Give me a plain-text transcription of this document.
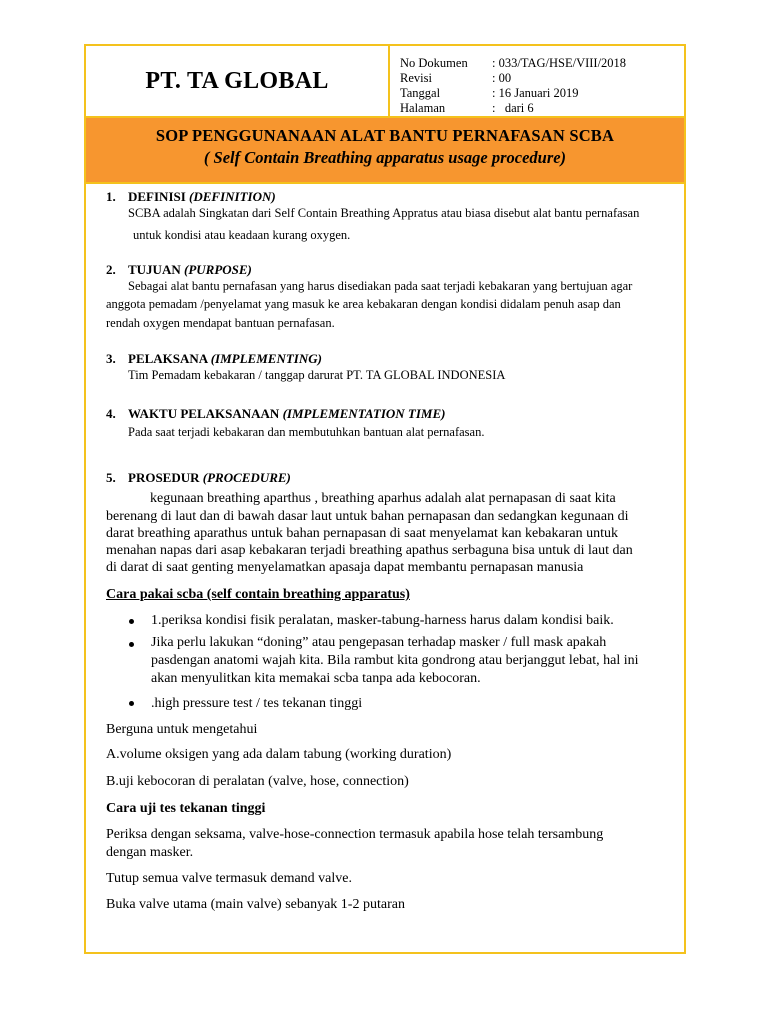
PT. TA GLOBAL
No Dokumen	: 033/TAG/HSE/VIII/2018
Revisi	: 00
Tanggal	: 16 Januari 2019
Halaman	:   dari 6
SOP PENGGUNANAAN ALAT BANTU PERNAFASAN SCBA
( Self Contain Breathing apparatus usage procedure)
1. DEFINISI (DEFINITION)
SCBA adalah Singkatan dari Self Contain Breathing Appratus atau biasa disebut alat bantu pernafasan
untuk kondisi atau keadaan kurang oxygen.
2. TUJUAN (PURPOSE)
Sebagai alat bantu pernafasan yang harus disediakan pada saat terjadi kebakaran yang bertujuan agar
anggota pemadam /penyelamat yang masuk ke area kebakaran dengan kondisi didalam penuh asap dan
rendah oxygen mendapat bantuan pernafasan.
3. PELAKSANA (IMPLEMENTING)
Tim Pemadam kebakaran / tanggap darurat PT. TA GLOBAL INDONESIA
4. WAKTU PELAKSANAAN (IMPLEMENTATION TIME)
Pada saat terjadi kebakaran dan membutuhkan bantuan alat pernafasan.
5. PROSEDUR (PROCEDURE)
kegunaan breathing aparthus , breathing aparhus adalah alat pernapasan di saat kita
berenang di laut dan di bawah dasar laut untuk bahan pernapasan dan sedangkan kegunaan di
darat breathing aparathus untuk bahan pernapasan di saat menyelamat kan kebakaran untuk
menahan napas dari asap kebakaran terjadi breathing apathus serbaguna bisa untuk di laut dan
di darat di saat genting menyelamatkan apasaja dapat membantu pernapasan manusia
Cara pakai scba (self contain breathing apparatus)
1.periksa kondisi fisik peralatan, masker-tabung-harness harus dalam kondisi baik.
Jika perlu lakukan “doning” atau pengepasan terhadap masker / full mask apakah
pasdengan anatomi wajah kita. Bila rambut kita gondrong atau berjanggut lebat, hal ini
akan menyulitkan kita memakai scba tanpa ada kebocoran.
.high pressure test / tes tekanan tinggi
Berguna untuk mengetahui
A.volume oksigen yang ada dalam tabung (working duration)
B.uji kebocoran di peralatan (valve, hose, connection)
Cara uji tes tekanan tinggi
Periksa dengan seksama, valve-hose-connection termasuk apabila hose telah tersambung
dengan masker.
Tutup semua valve termasuk demand valve.
Buka valve utama (main valve) sebanyak 1-2 putaran
